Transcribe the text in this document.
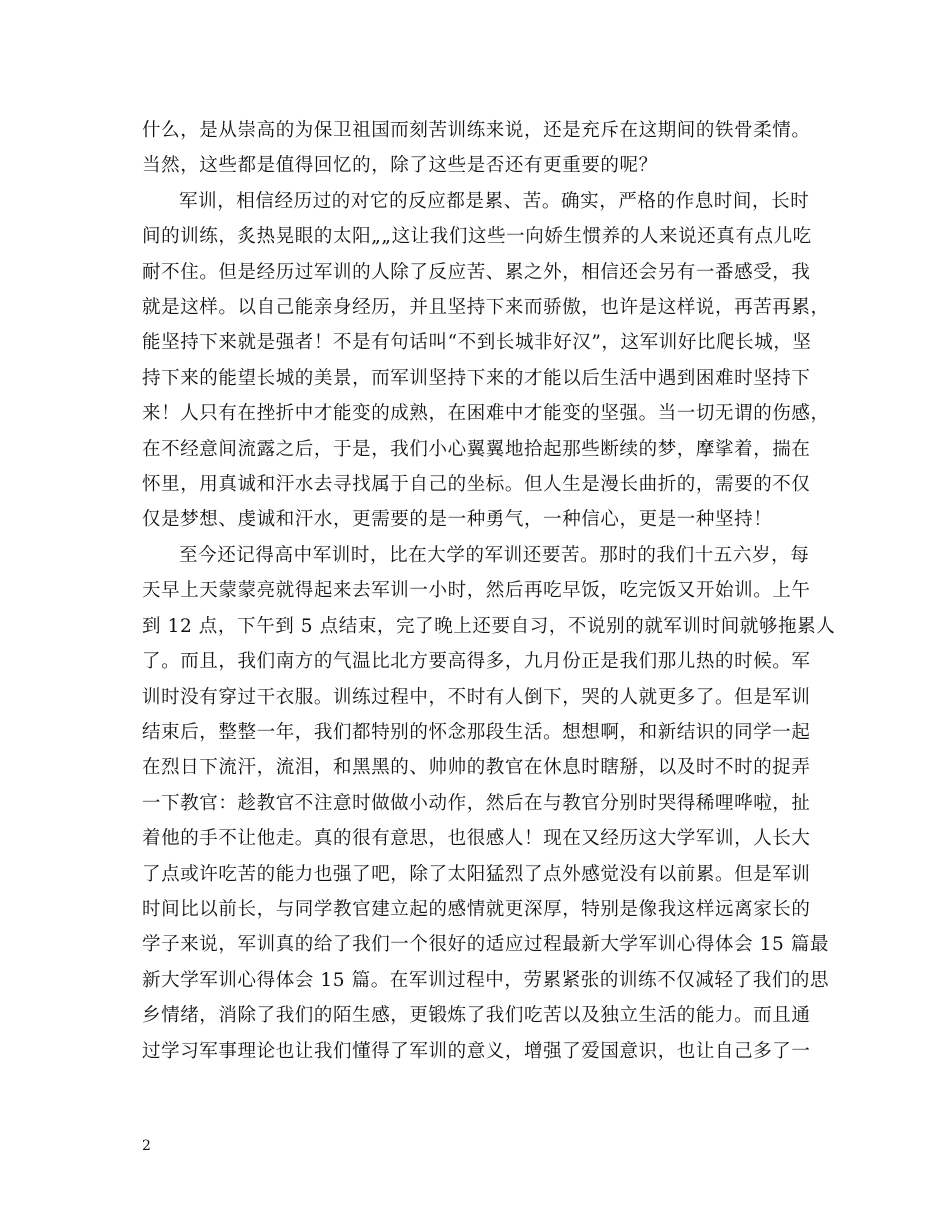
什么，是从崇高的为保卫祖国而刻苦训练来说，还是充斥在这期间的铁骨柔情。
当然，这些都是值得回忆的，除了这些是否还有更重要的呢？
军训，相信经历过的对它的反应都是累、苦。确实，严格的作息时间，长时
间的训练，炙热晃眼的太阳„„这让我们这些一向娇生惯养的人来说还真有点儿吃
耐不住。但是经历过军训的人除了反应苦、累之外，相信还会另有一番感受，我
就是这样。以自己能亲身经历，并且坚持下来而骄傲，也许是这样说，再苦再累，
能坚持下来就是强者！不是有句话叫“不到长城非好汉”，这军训好比爬长城，坚
持下来的能望长城的美景，而军训坚持下来的才能以后生活中遇到困难时坚持下
来！人只有在挫折中才能变的成熟，在困难中才能变的坚强。当一切无谓的伤感，
在不经意间流露之后，于是，我们小心翼翼地拾起那些断续的梦，摩挲着，揣在
怀里，用真诚和汗水去寻找属于自己的坐标。但人生是漫长曲折的，需要的不仅
仅是梦想、虔诚和汗水，更需要的是一种勇气，一种信心，更是一种坚持！
至今还记得高中军训时，比在大学的军训还要苦。那时的我们十五六岁，每
天早上天蒙蒙亮就得起来去军训一小时，然后再吃早饭，吃完饭又开始训。上午
到 12 点，下午到 5 点结束，完了晚上还要自习，不说别的就军训时间就够拖累人
了。而且，我们南方的气温比北方要高得多，九月份正是我们那儿热的时候。军
训时没有穿过干衣服。训练过程中，不时有人倒下，哭的人就更多了。但是军训
结束后，整整一年，我们都特别的怀念那段生活。想想啊，和新结识的同学一起
在烈日下流汗，流泪，和黑黑的、帅帅的教官在休息时瞎掰，以及时不时的捉弄
一下教官：趁教官不注意时做做小动作，然后在与教官分别时哭得稀哩哗啦，扯
着他的手不让他走。真的很有意思，也很感人！现在又经历这大学军训，人长大
了点或许吃苦的能力也强了吧，除了太阳猛烈了点外感觉没有以前累。但是军训
时间比以前长，与同学教官建立起的感情就更深厚，特别是像我这样远离家长的
学子来说，军训真的给了我们一个很好的适应过程最新大学军训心得体会 15 篇最
新大学军训心得体会 15 篇。在军训过程中，劳累紧张的训练不仅减轻了我们的思
乡情绪，消除了我们的陌生感，更锻炼了我们吃苦以及独立生活的能力。而且通
过学习军事理论也让我们懂得了军训的意义，增强了爱国意识，也让自己多了一
2
